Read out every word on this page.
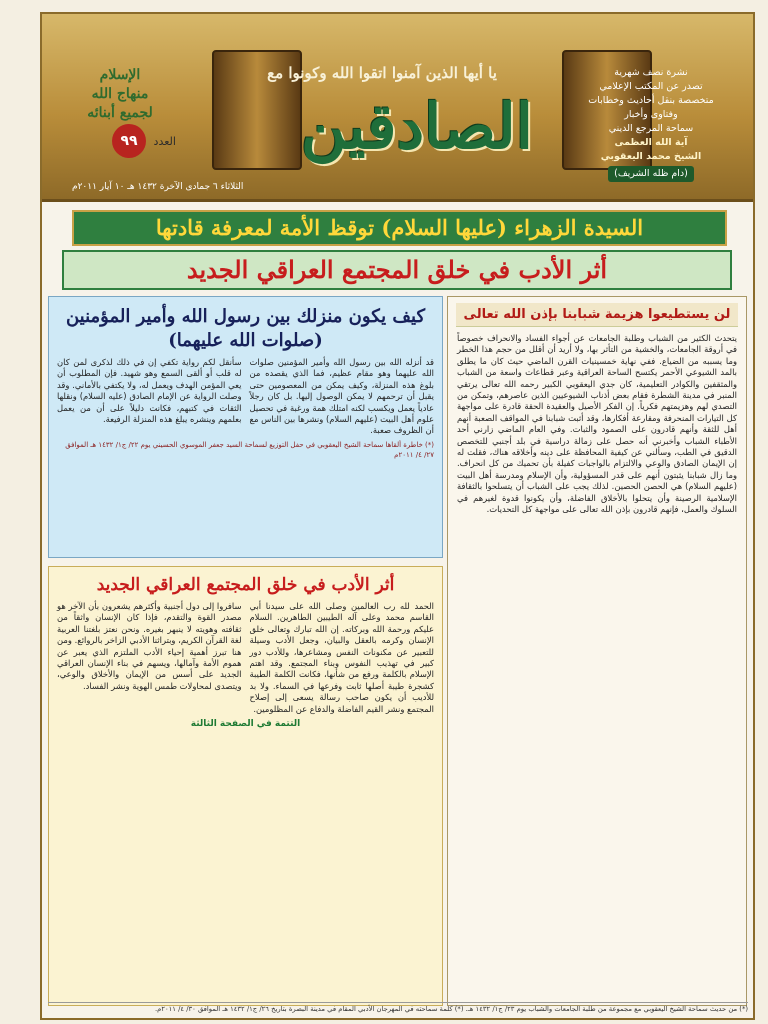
يا أيها الذين آمنوا اتقوا الله وكونوا مع
الصادقين
الإسلام
منهاج الله
لجميع أبنائه
العدد ٩٩
الثلاثاء ٦ جمادى الآخرة ١٤٣٢ هـ ١٠ آيار ٢٠١١م
نشرة نصف شهرية
تصدر عن المكتب الإعلامي
متخصصة بنقل أحاديث وخطابات
وفتاوى وأخبار
سماحة المرجع الديني
آية الله العظمى
الشيخ محمد اليعقوبي
(دام ظله الشريف)
السيدة الزهراء (عليها السلام) توقظ الأمة لمعرفة قادتها
أثر الأدب في خلق المجتمع العراقي الجديد
لن يستطيعوا هزيمة شبابنا بإذن الله تعالى
يتحدث الكثير من الشباب وطلبة الجامعات عن أجواء الفساد والانحراف خصوصاً في أروقة الجامعات، والخشية من التأثر بها، ولا أريد أن أقلل من حجم هذا الخطر وما يسببه من الضياع. ففي نهاية خمسينيات القرن الماضي حيث كان ما يطلق بالمد الشيوعي الأحمر يكتسح الساحة العراقية وعبر قطاعات واسعة من الشباب والمثقفين والكوادر التعليمية، كان جدي اليعقوبي الكبير رحمه الله تعالى يرتقي المنبر في مدينة الشطرة فقام بعض أذناب الشيوعيين الذين عاصرهم، وتمكن من التصدي لهم وهزيمتهم فكرياً. إن الفكر الأصيل والعقيدة الحقة قادرة على مواجهة كل التيارات المنحرفة ومقارعة أفكارها، وقد أثبت شبابنا في المواقف الصعبة أنهم أهل للثقة وأنهم قادرون على الصمود والثبات. وفي العام الماضي زارني أحد الأطباء الشباب وأخبرني أنه حصل على زمالة دراسية في بلد أجنبي للتخصص الدقيق في الطب، وسألني عن كيفية المحافظة على دينه وأخلاقه هناك، فقلت له إن الإيمان الصادق والوعي والالتزام بالواجبات كفيلة بأن تحميك من كل انحراف. وما زال شبابنا يثبتون أنهم على قدر المسؤولية، وأن الإسلام ومدرسة أهل البيت (عليهم السلام) هي الحصن الحصين. لذلك يجب على الشباب أن يتسلحوا بالثقافة الإسلامية الرصينة وأن يتحلوا بالأخلاق الفاضلة، وأن يكونوا قدوة لغيرهم في السلوك والعمل، فإنهم قادرون بإذن الله تعالى على مواجهة كل التحديات.
كيف يكون منزلك بين رسول الله وأمير المؤمنين (صلوات الله عليهما)
قد أنزله الله بين رسول الله وأمير المؤمنين صلوات الله عليهما وهو مقام عظيم، فما الذي يقصده من بلوغ هذه المنزلة، وكيف يمكن من المعصومين حتى يقبل أن ترحمهم لا يمكن الوصول إليها. بل كان رجلاً عادياً يعمل ويكسب لكنه امتلك همة ورغبة في تحصيل علوم أهل البيت (عليهم السلام) ونشرها بين الناس مع أن الظروف صعبة.
سأنقل لكم رواية تكفي إن في ذلك لذكرى لمن كان له قلب أو ألقى السمع وهو شهيد. فإن المطلوب أن يعي المؤمن الهدف ويعمل له، ولا يكتفي بالأماني. وقد وصلت الرواية عن الإمام الصادق (عليه السلام) ونقلها الثقات في كتبهم، فكانت دليلاً على أن من يعمل بعلمهم وينشره يبلغ هذه المنزلة الرفيعة.
(*) خاطرة ألقاها سماحة الشيخ اليعقوبي في حفل التوزيع لسماحة السيد جعفر الموسوي الحسيني يوم ٢٢/ ج١/ ١٤٣٢ هـ الموافق ٢٧/ ٤/ ٢٠١١م
أثر الأدب في خلق المجتمع العراقي الجديد
الحمد لله رب العالمين وصلى الله على سيدنا أبي القاسم محمد وعلى آله الطيبين الطاهرين. السلام عليكم ورحمة الله وبركاته. إن الله تبارك وتعالى خلق الإنسان وكرمه بالعقل والبيان، وجعل الأدب وسيلة للتعبير عن مكنونات النفس ومشاعرها، وللأدب دور كبير في تهذيب النفوس وبناء المجتمع. وقد اهتم الإسلام بالكلمة ورفع من شأنها، فكانت الكلمة الطيبة كشجرة طيبة أصلها ثابت وفرعها في السماء. ولا بد للأديب أن يكون صاحب رسالة يسعى إلى إصلاح المجتمع ونشر القيم الفاضلة والدفاع عن المظلومين.
سافروا إلى دول أجنبية وأكثرهم يشعرون بأن الآخر هو مصدر القوة والتقدم، فإذا كان الإنسان واثقاً من ثقافته وهويته لا ينبهر بغيره. ونحن نعتز بلغتنا العربية لغة القرآن الكريم، وبتراثنا الأدبي الزاخر بالروائع. ومن هنا تبرز أهمية إحياء الأدب الملتزم الذي يعبر عن هموم الأمة وآمالها، ويسهم في بناء الإنسان العراقي الجديد على أسس من الإيمان والأخلاق والوعي، ويتصدى لمحاولات طمس الهوية ونشر الفساد.
التتمة في الصفحة الثالثة
(*) من حديث سماحة الشيخ اليعقوبي مع مجموعة من طلبة الجامعات والشباب يوم ٢٣/ ج١/ ١٤٣٢ هـ. (*) كلمة سماحته في المهرجان الأدبي المقام في مدينة البصرة بتاريخ ٢٦/ ج١/ ١٤٣٢ هـ الموافق ٣٠/ ٤/ ٢٠١١م.
